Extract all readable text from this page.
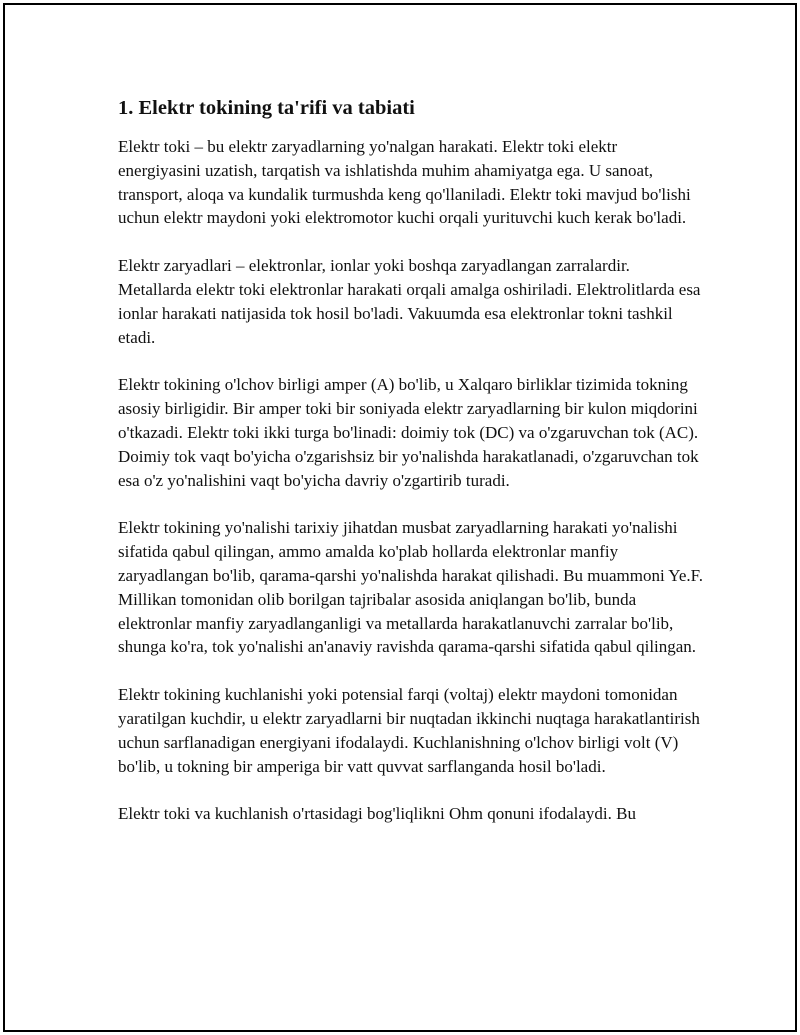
1. Elektr tokining ta'rifi va tabiati

Elektr toki – bu elektr zaryadlarning yo'nalgan harakati. Elektr toki elektr energiyasini uzatish, tarqatish va ishlatishda muhim ahamiyatga ega. U sanoat, transport, aloqa va kundalik turmushda keng qo'llaniladi. Elektr toki mavjud bo'lishi uchun elektr maydoni yoki elektromotor kuchi orqali yurituvchi kuch kerak bo'ladi.

Elektr zaryadlari – elektronlar, ionlar yoki boshqa zaryadlangan zarralardir. Metallarda elektr toki elektronlar harakati orqali amalga oshiriladi. Elektrolitlarda esa ionlar harakati natijasida tok hosil bo'ladi. Vakuumda esa elektronlar tokni tashkil etadi.

Elektr tokining o'lchov birligi amper (A) bo'lib, u Xalqaro birliklar tizimida tokning asosiy birligidir. Bir amper toki bir soniyada elektr zaryadlarning bir kulon miqdorini o'tkazadi. Elektr toki ikki turga bo'linadi: doimiy tok (DC) va o'zgaruvchan tok (AC). Doimiy tok vaqt bo'yicha o'zgarishsiz bir yo'nalishda harakatlanadi, o'zgaruvchan tok esa o'z yo'nalishini vaqt bo'yicha davriy o'zgartirib turadi.

Elektr tokining yo'nalishi tarixiy jihatdan musbat zaryadlarning harakati yo'nalishi sifatida qabul qilingan, ammo amalda ko'plab hollarda elektronlar manfiy zaryadlangan bo'lib, qarama-qarshi yo'nalishda harakat qilishadi. Bu muammoni Ye.F. Millikan tomonidan olib borilgan tajribalar asosida aniqlangan bo'lib, bunda elektronlar manfiy zaryadlanganligi va metallarda harakatlanuvchi zarralar bo'lib, shunga ko'ra, tok yo'nalishi an'anaviy ravishda qarama-qarshi sifatida qabul qilingan.

Elektr tokining kuchlanishi yoki potensial farqi (voltaj) elektr maydoni tomonidan yaratilgan kuchdir, u elektr zaryadlarni bir nuqtadan ikkinchi nuqtaga harakatlantirish uchun sarflanadigan energiyani ifodalaydi. Kuchlanishning o'lchov birligi volt (V) bo'lib, u tokning bir amperiga bir vatt quvvat sarflanganda hosil bo'ladi.

Elektr toki va kuchlanish o'rtasidagi bog'liqlikni Ohm qonuni ifodalaydi. Bu
